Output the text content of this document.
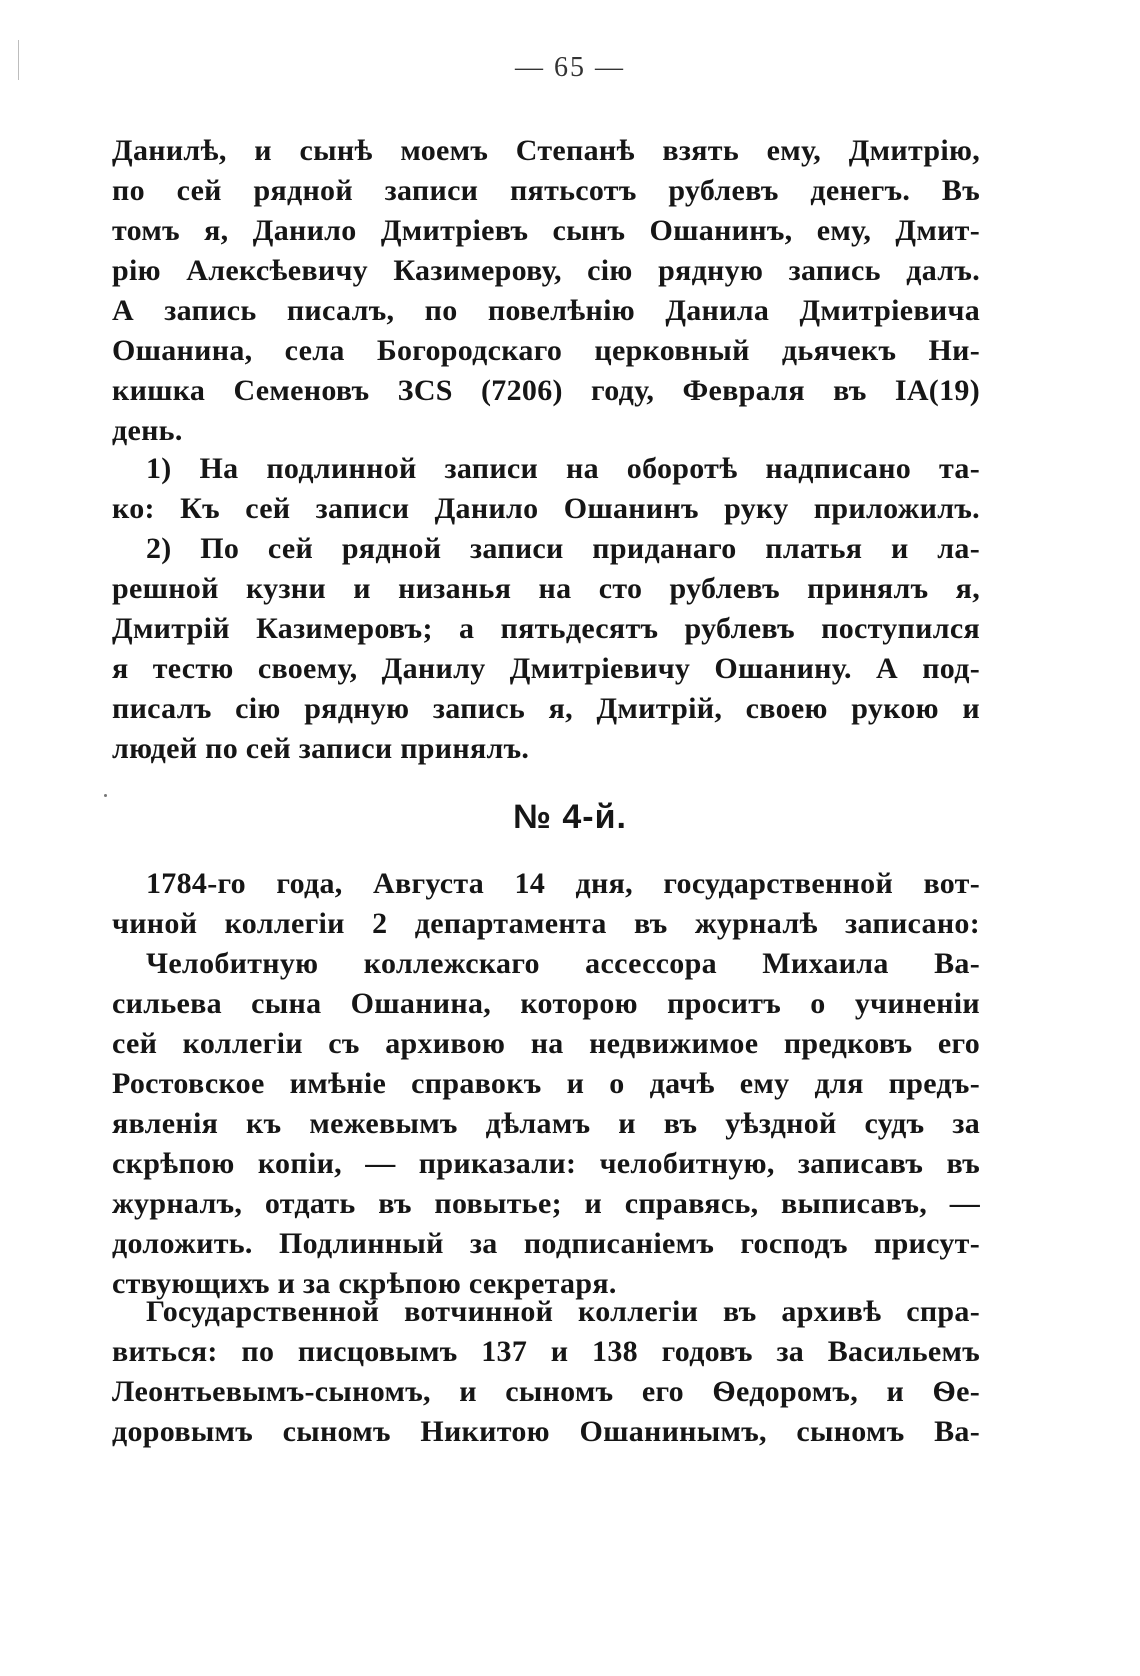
— 65 —
Данилѣ, и сынѣ моемъ Степанѣ взять ему, Дмитрію,
по сей рядной записи пятьсотъ рублевъ денегъ. Въ
томъ я, Данило Дмитріевъ сынъ Ошанинъ, ему, Дмит-
рію Алексѣевичу Казимерову, сію рядную запись далъ.
А запись писалъ, по повелѣнію Данила Дмитріевича
Ошанина, села Богородскаго церковный дьячекъ Ни-
кишка Семеновъ ЗСS (7206) году, Февраля въ ІА(19)
день.
1) На подлинной записи на оборотѣ надписано та-
ко: Къ сей записи Данило Ошанинъ руку приложилъ.
2) По сей рядной записи приданаго платья и ла-
решной кузни и низанья на сто рублевъ принялъ я,
Дмитрій Казимеровъ; а пятьдесятъ рублевъ поступился
я тестю своему, Данилу Дмитріевичу Ошанину. А под-
писалъ сію рядную запись я, Дмитрій, своею рукою и
людей по сей записи принялъ.
№ 4-й.
1784-го года, Августа 14 дня, государственной вот-
чиной коллегіи 2 департамента въ журналѣ записано:
Челобитную коллежскаго ассессора Михаила Ва-
сильева сына Ошанина, которою проситъ о учиненіи
сей коллегіи съ архивою на недвижимое предковъ его
Ростовское имѣніе справокъ и о дачѣ ему для предъ-
явленія къ межевымъ дѣламъ и въ уѣздной судъ за
скрѣпою копіи, — приказали: челобитную, записавъ въ
журналъ, отдать въ повытье; и справясь, выписавъ, —
доложить. Подлинный за подписаніемъ господъ присут-
ствующихъ и за скрѣпою секретаря.
Государственной вотчинной коллегіи въ архивѣ спра-
виться: по писцовымъ 137 и 138 годовъ за Васильемъ
Леонтьевымъ-сыномъ, и сыномъ его Ѳедоромъ, и Ѳе-
доровымъ сыномъ Никитою Ошанинымъ, сыномъ Ва-
